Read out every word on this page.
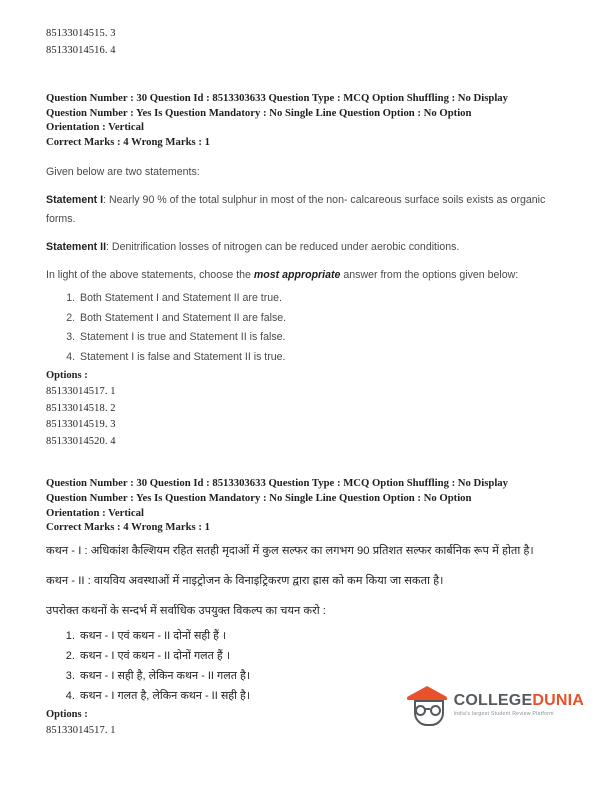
85133014515. 3
85133014516. 4
Question Number : 30 Question Id : 8513303633 Question Type : MCQ Option Shuffling : No Display
Question Number : Yes Is Question Mandatory : No Single Line Question Option : No Option
Orientation : Vertical
Correct Marks : 4 Wrong Marks : 1
Given below are two statements:
Statement I: Nearly 90 % of the total sulphur in most of the non- calcareous surface soils exists as organic forms.
Statement II: Denitrification losses of nitrogen can be reduced under aerobic conditions.
In light of the above statements, choose the most appropriate answer from the options given below:
1. Both Statement I and Statement II are true.
2. Both Statement I and Statement II are false.
3. Statement I is true and Statement II is false.
4. Statement I is false and Statement II is true.
Options :
85133014517. 1
85133014518. 2
85133014519. 3
85133014520. 4
Question Number : 30 Question Id : 8513303633 Question Type : MCQ Option Shuffling : No Display
Question Number : Yes Is Question Mandatory : No Single Line Question Option : No Option
Orientation : Vertical
Correct Marks : 4 Wrong Marks : 1
कथन - I : अधिकांश कैल्शियम रहित सतही मृदाओं में कुल सल्फर का लगभग 90 प्रतिशत सल्फर कार्बनिक रूप में होता है।
कथन - II : वायविय अवस्थाओं में नाइट्रोजन के विनाइट्रिकरण द्वारा ह्रास को कम किया जा सकता है।
उपरोक्त कथनों के सन्दर्भ में सर्वाधिक उपयुक्त विकल्प का चयन करो :
1. कथन - I एवं कथन - II दोनों सही हैं ।
2. कथन - I एवं कथन - II दोनों गलत हैं ।
3. कथन - I सही है, लेकिन कथन - II गलत है।
4. कथन - I गलत है, लेकिन कथन - II सही है।
Options :
85133014517. 1
COLLEGEDUNIA
India's largest Student Review Platform
